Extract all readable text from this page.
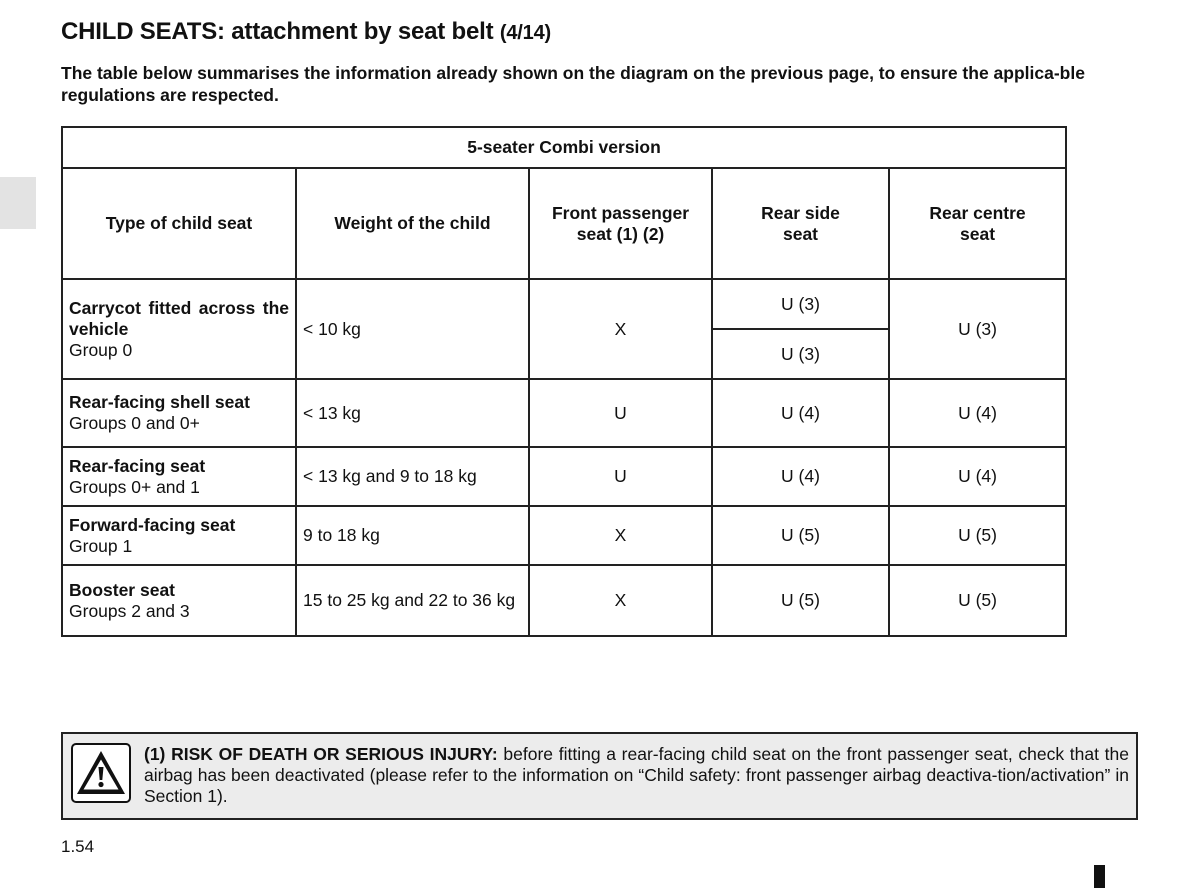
CHILD SEATS: attachment by seat belt (4/14)

The table below summarises the information already shown on the diagram on the previous page, to ensure the applica-ble regulations are respected.

5-seater Combi version				
Type of child seat	Weight of the child	Front passenger seat (1) (2)	Rear side seat	Rear centre seat

Carrycot fitted across the vehicle
Group 0	< 10 kg	X	U (3)	U (3)
			U (3)	

Rear-facing shell seat
Groups 0 and 0+	< 13 kg	U	U (4)	U (4)

Rear-facing seat
Groups 0+ and 1	< 13 kg and 9 to 18 kg	U	U (4)	U (4)

Forward-facing seat
Group 1	9 to 18 kg	X	U (5)	U (5)

Booster seat
Groups 2 and 3	15 to 25 kg and 22 to 36 kg	X	U (5)	U (5)
(1) RISK OF DEATH OR SERIOUS INJURY: before fitting a rear-facing child seat on the front passenger seat, check that the airbag has been deactivated (please refer to the information on “Child safety: front passenger airbag deactiva-tion/activation” in Section 1).
1.54
